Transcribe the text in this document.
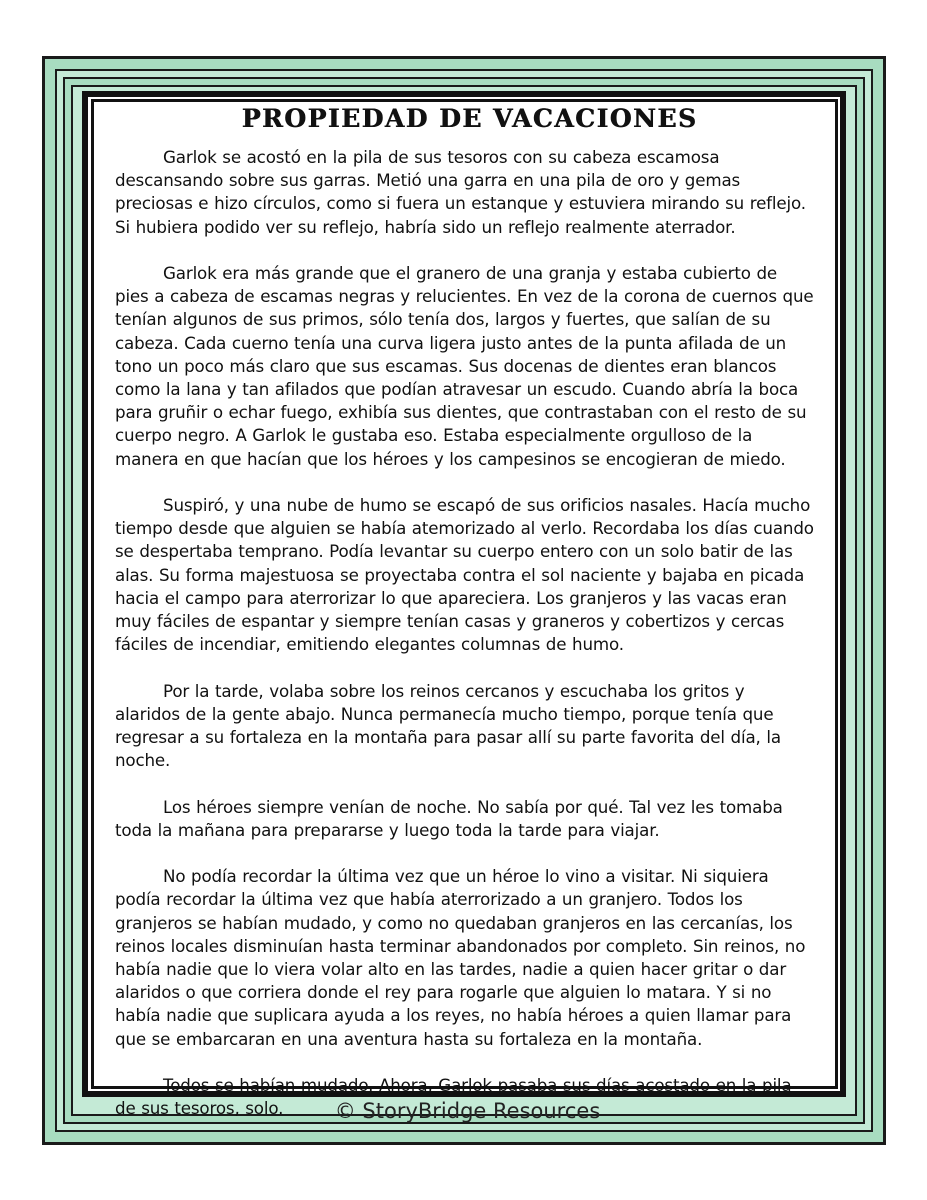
PROPIEDAD DE VACACIONES

Garlok se acostó en la pila de sus tesoros con su cabeza escamosa descansando sobre sus garras. Metió una garra en una pila de oro y gemas preciosas e hizo círculos, como si fuera un estanque y estuviera mirando su reflejo. Si hubiera podido ver su reflejo, habría sido un reflejo realmente aterrador.

Garlok era más grande que el granero de una granja y estaba cubierto de pies a cabeza de escamas negras y relucientes. En vez de la corona de cuernos que tenían algunos de sus primos, sólo tenía dos, largos y fuertes, que salían de su cabeza. Cada cuerno tenía una curva ligera justo antes de la punta afilada de un tono un poco más claro que sus escamas. Sus docenas de dientes eran blancos como la lana y tan afilados que podían atravesar un escudo. Cuando abría la boca para gruñir o echar fuego, exhibía sus dientes, que contrastaban con el resto de su cuerpo negro. A Garlok le gustaba eso. Estaba especialmente orgulloso de la manera en que hacían que los héroes y los campesinos se encogieran de miedo.

Suspiró, y una nube de humo se escapó de sus orificios nasales. Hacía mucho tiempo desde que alguien se había atemorizado al verlo. Recordaba los días cuando se despertaba temprano. Podía levantar su cuerpo entero con un solo batir de las alas. Su forma majestuosa se proyectaba contra el sol naciente y bajaba en picada hacia el campo para aterrorizar lo que apareciera. Los granjeros y las vacas eran muy fáciles de espantar y siempre tenían casas y graneros y cobertizos y cercas fáciles de incendiar, emitiendo elegantes columnas de humo.

Por la tarde, volaba sobre los reinos cercanos y escuchaba los gritos y alaridos de la gente abajo. Nunca permanecía mucho tiempo, porque tenía que regresar a su fortaleza en la montaña para pasar allí su parte favorita del día, la noche.

Los héroes siempre venían de noche. No sabía por qué. Tal vez les tomaba toda la mañana para prepararse y luego toda la tarde para viajar.

No podía recordar la última vez que un héroe lo vino a visitar. Ni siquiera podía recordar la última vez que había aterrorizado a un granjero. Todos los granjeros se habían mudado, y como no quedaban granjeros en las cercanías, los reinos locales disminuían hasta terminar abandonados por completo. Sin reinos, no había nadie que lo viera volar alto en las tardes, nadie a quien hacer gritar o dar alaridos o que corriera donde el rey para rogarle que alguien lo matara. Y si no había nadie que suplicara ayuda a los reyes, no había héroes a quien llamar para que se embarcaran en una aventura hasta su fortaleza en la montaña.

Todos se habían mudado. Ahora, Garlok pasaba sus días acostado en la pila de sus tesoros, solo.	© StoryBridge Resources
